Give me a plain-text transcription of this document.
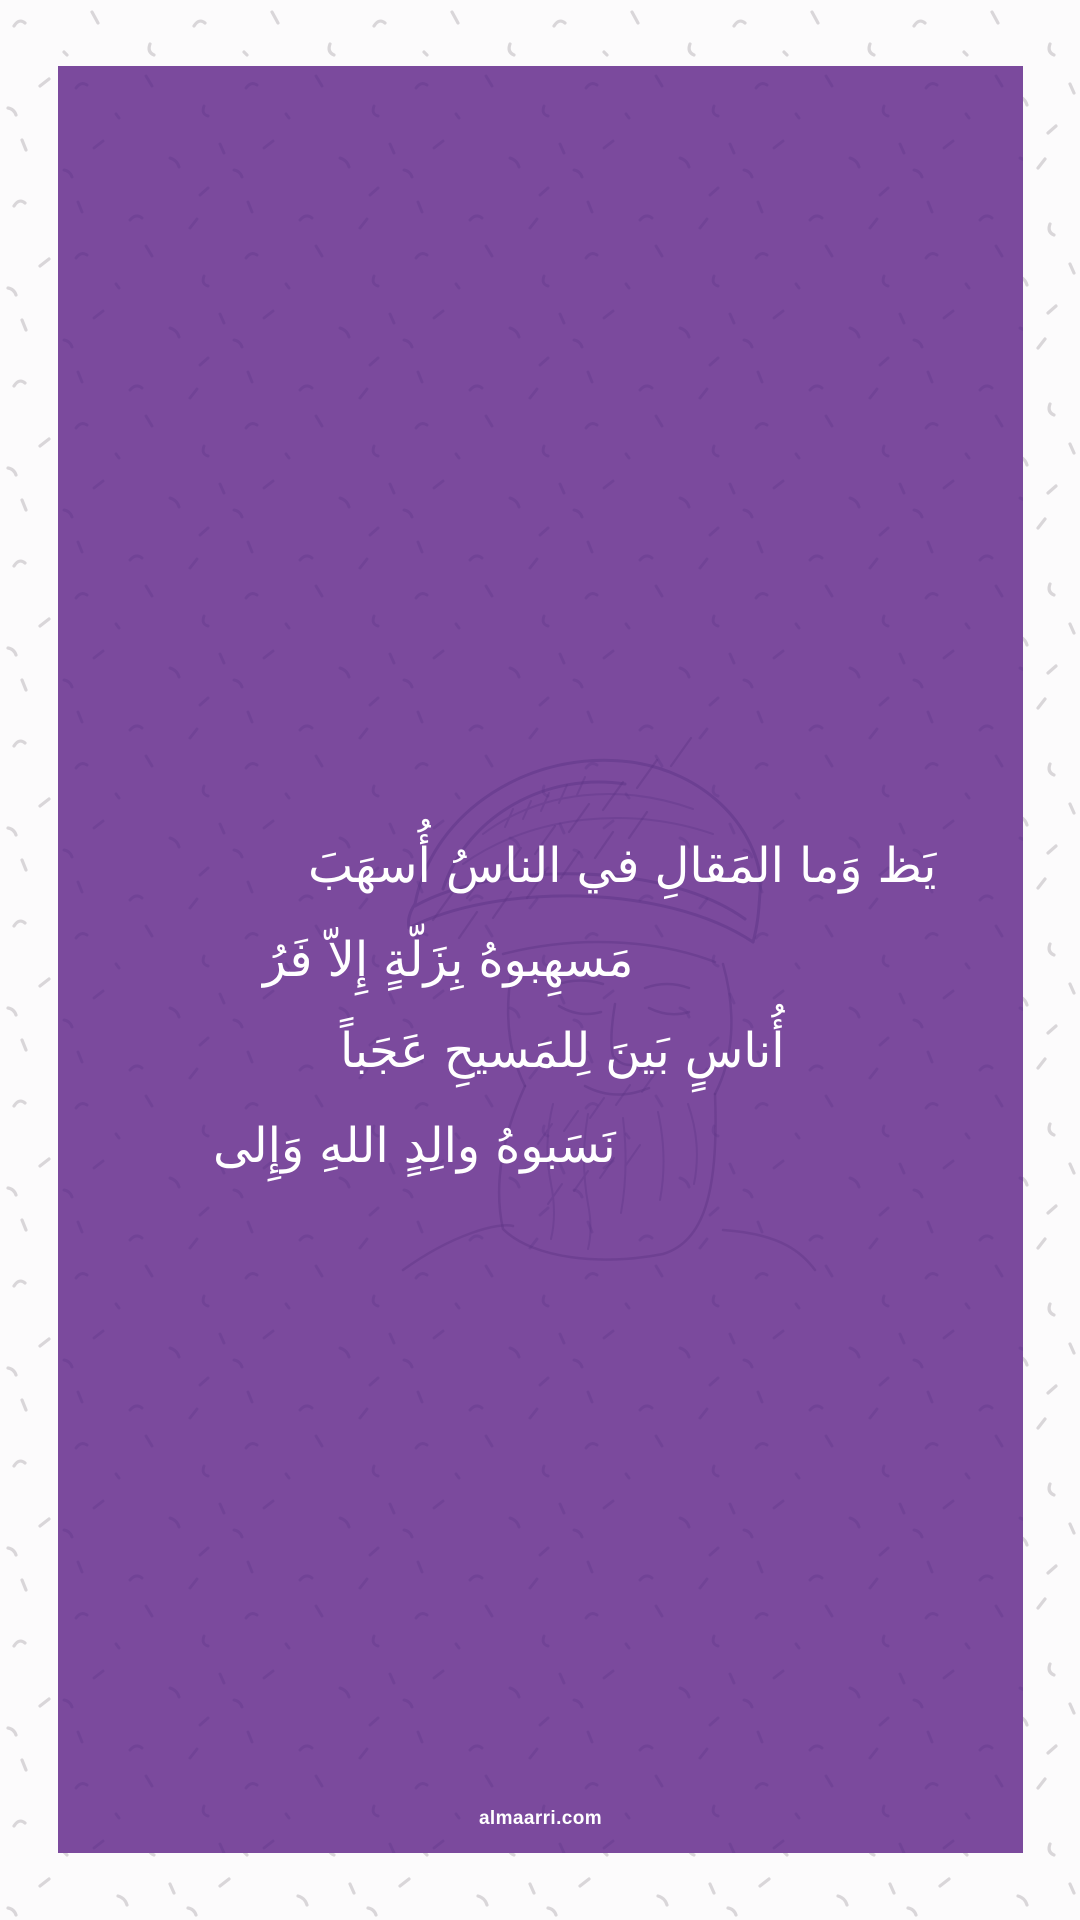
أُسهَبَ الناسُ في المَقالِ وَما يَظ
فَرُ إِلاّ بِزَلّةٍ مَسهِبوهُ
عَجَباً لِلمَسيحِ بَينَ أُناسٍ
وَإِلى اللهِ والِدٍ نَسَبوهُ
almaarri.com
